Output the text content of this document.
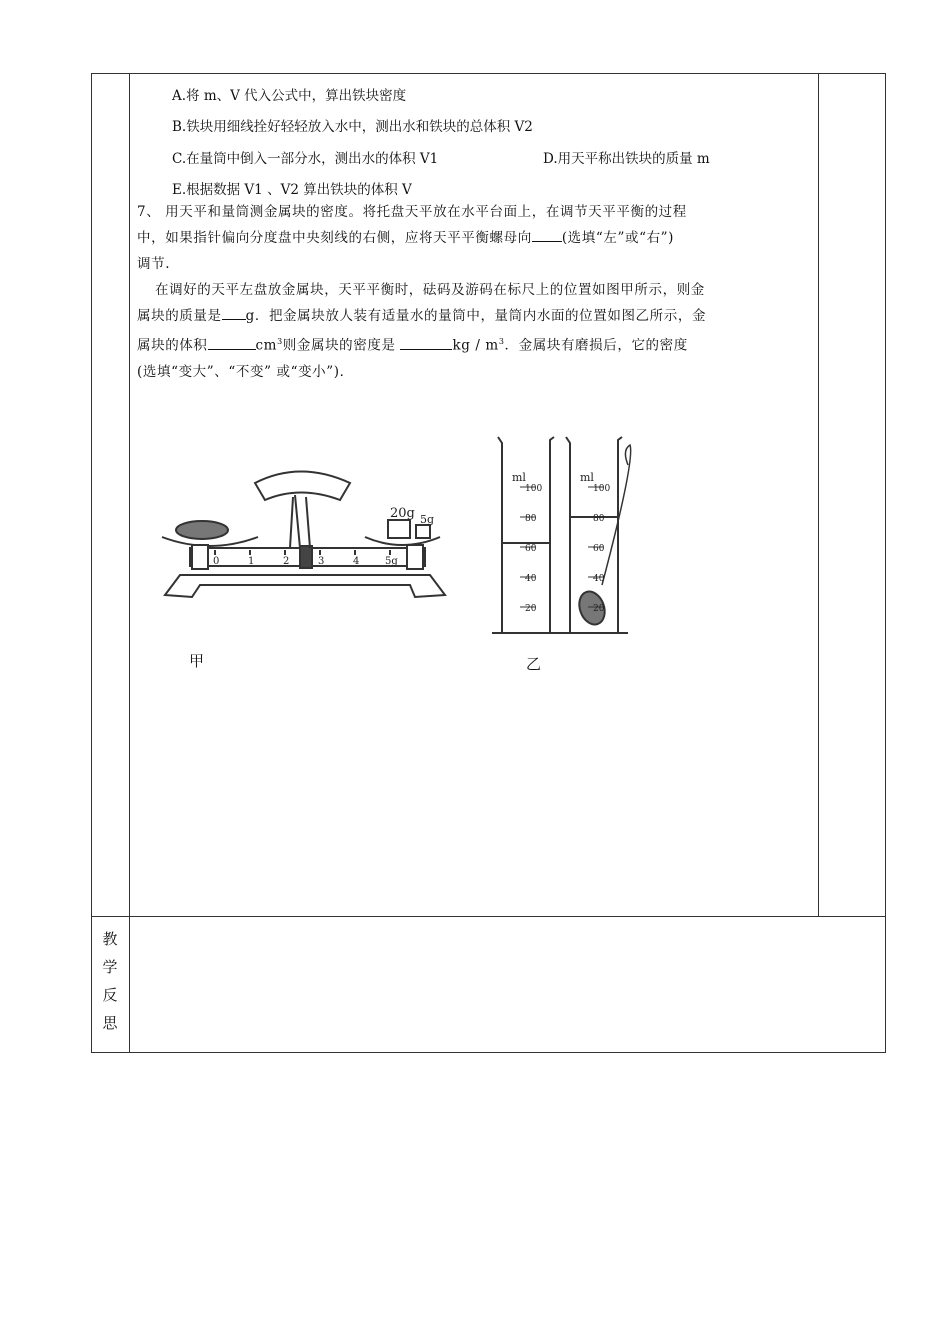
A.将 m、V 代入公式中，算出铁块密度
B.铁块用细线拴好轻轻放入水中，测出水和铁块的总体积 V2
C.在量筒中倒入一部分水，测出水的体积 V1	D.用天平称出铁块的质量 m
E.根据数据 V1 、V2 算出铁块的体积 V
7、 用天平和量筒测金属块的密度。将托盘天平放在水平台面上，在调节天平平衡的过程
中，如果指针偏向分度盘中央刻线的右侧，应将天平平衡螺母向 (选填“左”或“右”)
调节.
在调好的天平左盘放金属块，天平平衡时，砝码及游码在标尺上的位置如图甲所示，则金
属块的质量是 g．把金属块放人装有适量水的量筒中，量筒内水面的位置如图乙所示，金
属块的体积	$cm^3$则金属块的密度是	kg / $m^3$．金属块有磨损后，它的密度
(选填“变大”、“不变” 或“变小”)．
20g 5g
0	1	2	3	4	5g
ml
100
80
60
40
20
ml
100
80
60
40
20
甲	乙
教
学
反
思
